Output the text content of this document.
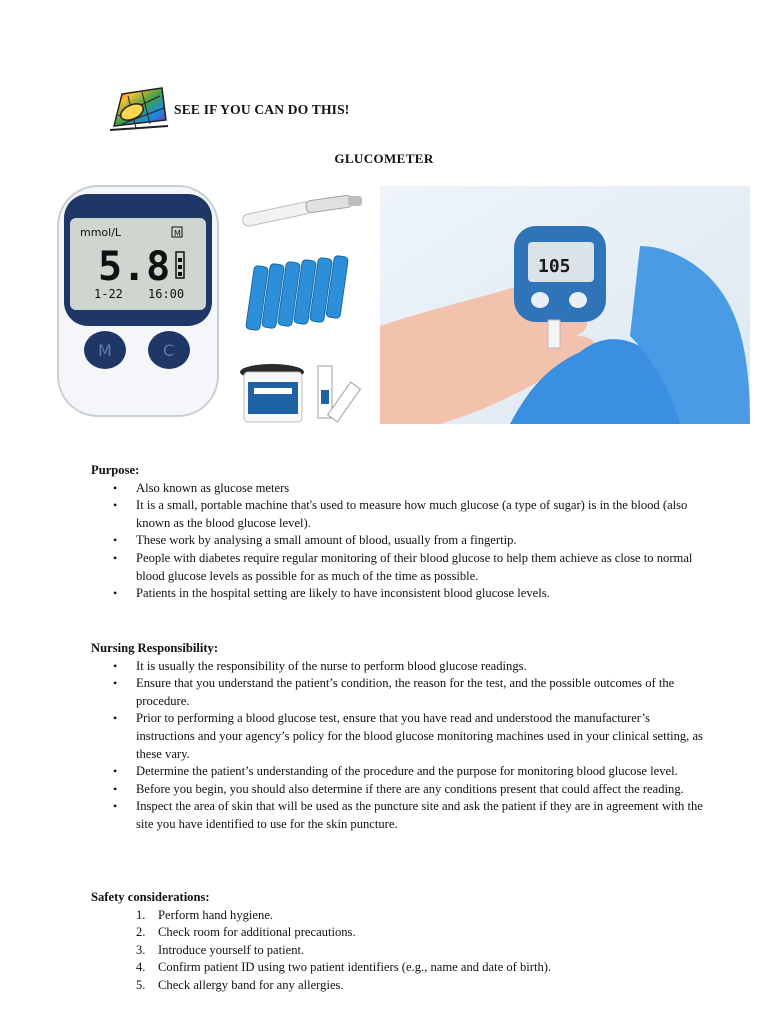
SEE IF YOU CAN DO THIS!
GLUCOMETER
mmol/L	M
5.8
1-22 16:00
M	C
105
Purpose:
• Also known as glucose meters
• It is a small, portable machine that's used to measure how much glucose (a type of sugar) is in the blood (also known as the blood glucose level).
• These work by analysing a small amount of blood, usually from a fingertip.
• People with diabetes require regular monitoring of their blood glucose to help them achieve as close to normal blood glucose levels as possible for as much of the time as possible.
• Patients in the hospital setting are likely to have inconsistent blood glucose levels.
Nursing Responsibility:
• It is usually the responsibility of the nurse to perform blood glucose readings.
• Ensure that you understand the patient’s condition, the reason for the test, and the possible outcomes of the procedure.
• Prior to performing a blood glucose test, ensure that you have read and understood the manufacturer’s instructions and your agency’s policy for the blood glucose monitoring machines used in your clinical setting, as these vary.
• Determine the patient’s understanding of the procedure and the purpose for monitoring blood glucose level.
• Before you begin, you should also determine if there are any conditions present that could affect the reading.
• Inspect the area of skin that will be used as the puncture site and ask the patient if they are in agreement with the site you have identified to use for the skin puncture.
Safety considerations:
1. Perform hand hygiene.
2. Check room for additional precautions.
3. Introduce yourself to patient.
4. Confirm patient ID using two patient identifiers (e.g., name and date of birth).
5. Check allergy band for any allergies.
